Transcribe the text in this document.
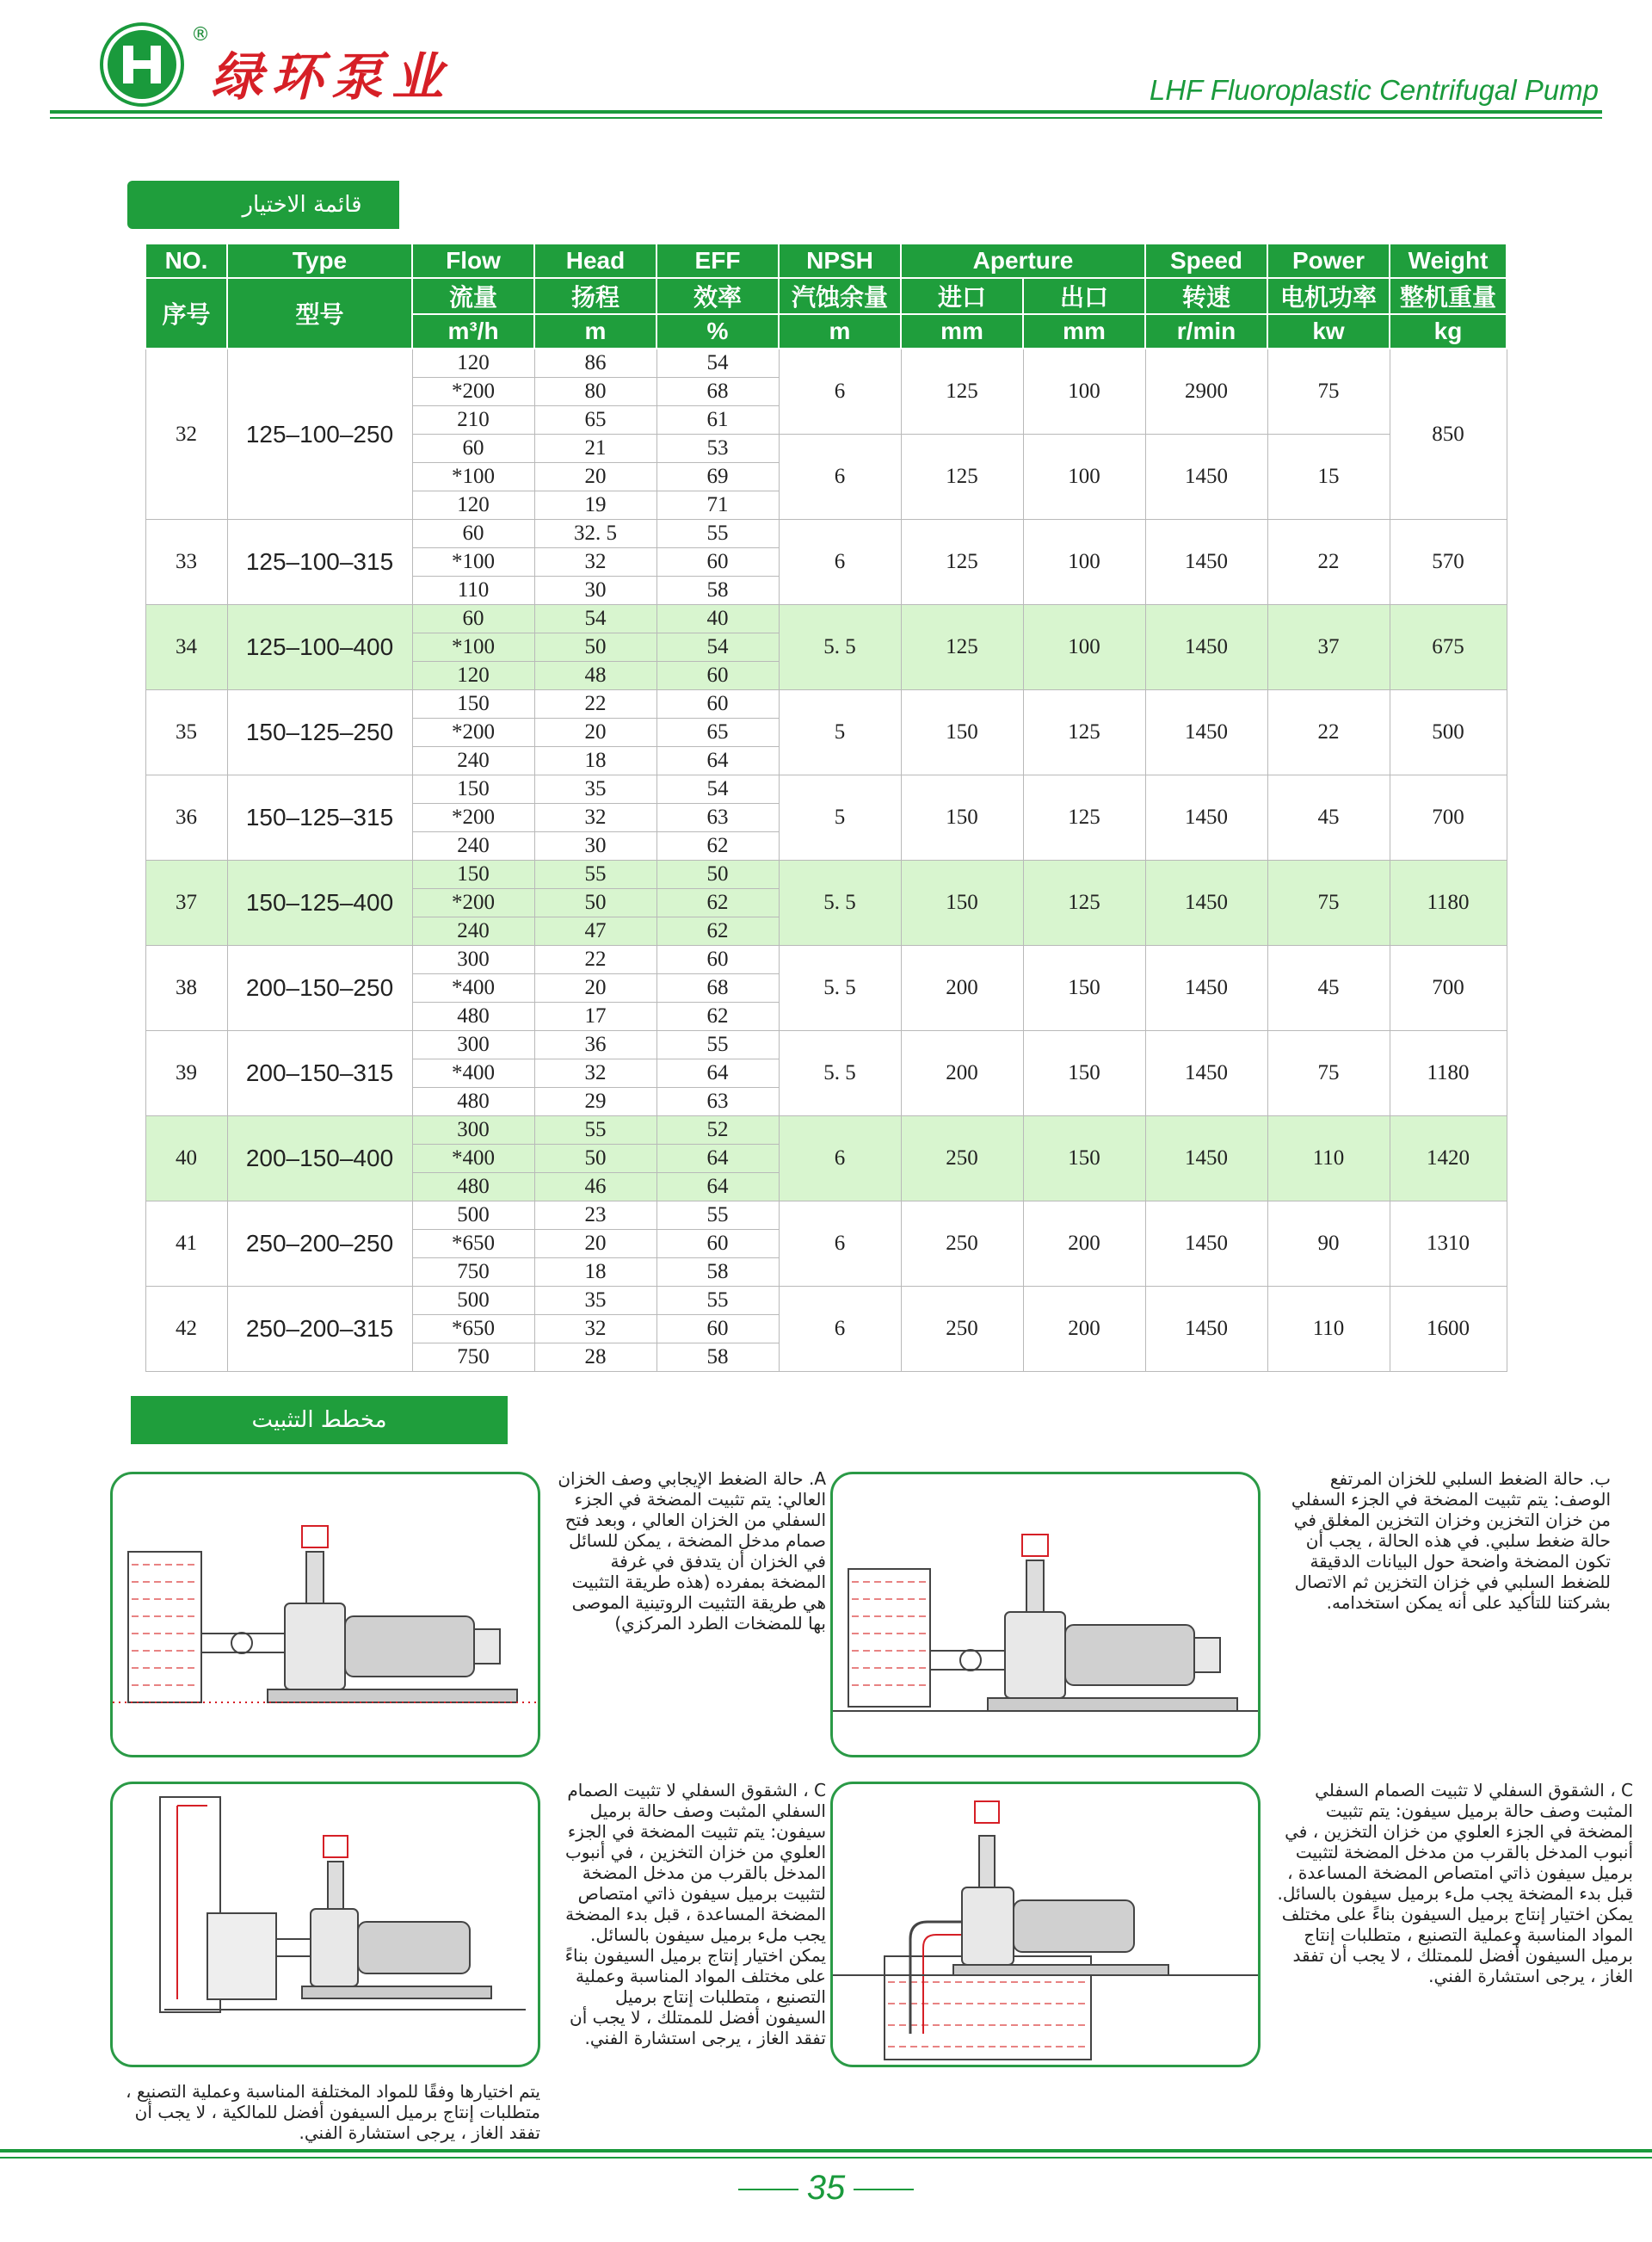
®
绿环泵业	LHF Fluoroplastic Centrifugal Pump
قائمة الاختيار
NO.	Type	Flow	Head	EFF	NPSH	Aperture		Speed	Power	Weight
序号	型号	流量	扬程	效率	汽蚀余量	进口	出口	转速	电机功率	整机重量
		m³/h	m	%	m	mm	mm	r/min	kw	kg
32	125–100–250	120	86	54	6	125	100	2900	75	850
		*200	80	68						
		210	65	61						
		60	21	53	6	125	100	1450	15	
		*100	20	69						
		120	19	71						
33	125–100–315	60	32. 5	55	6	125	100	1450	22	570
		*100	32	60						
		110	30	58						
34	125–100–400	60	54	40	5. 5	125	100	1450	37	675
		*100	50	54						
		120	48	60						
35	150–125–250	150	22	60	5	150	125	1450	22	500
		*200	20	65						
		240	18	64						
36	150–125–315	150	35	54	5	150	125	1450	45	700
		*200	32	63						
		240	30	62						
37	150–125–400	150	55	50	5. 5	150	125	1450	75	1180
		*200	50	62						
		240	47	62						
38	200–150–250	300	22	60	5. 5	200	150	1450	45	700
		*400	20	68						
		480	17	62						
39	200–150–315	300	36	55	5. 5	200	150	1450	75	1180
		*400	32	64						
		480	29	63						
40	200–150–400	300	55	52	6	250	150	1450	110	1420
		*400	50	64						
		480	46	64						
41	250–200–250	500	23	55	6	250	200	1450	90	1310
		*650	20	60						
		750	18	58						
42	250–200–315	500	35	55	6	250	200	1450	110	1600
		*650	32	60						
		750	28	58						
مخطط التثبيت
A. حالة الضغط الإيجابي وصف الخزان العالي: يتم تثبيت المضخة في الجزء السفلي من الخزان العالي ، وبعد فتح صمام مدخل المضخة ، يمكن للسائل في الخزان أن يتدفق في غرفة المضخة بمفرده (هذه طريقة التثبيت هي طريقة التثبيت الروتينية الموصى بها للمضخات الطرد المركزي)
ب. حالة الضغط السلبي للخزان المرتفع الوصف: يتم تثبيت المضخة في الجزء السفلي من خزان التخزين وخزان التخزين المغلق في حالة ضغط سلبي. في هذه الحالة ، يجب أن تكون المضخة واضحة حول البيانات الدقيقة للضغط السلبي في خزان التخزين ثم الاتصال بشركتنا للتأكيد على أنه يمكن استخدامه.
C ، الشقوق السفلي لا تثبيت الصمام السفلي المثبت وصف حالة برميل سيفون: يتم تثبيت المضخة في الجزء العلوي من خزان التخزين ، في أنبوب المدخل بالقرب من مدخل المضخة لتثبيت برميل سيفون ذاتي امتصاص المضخة المساعدة ، قبل بدء المضخة يجب ملء برميل سيفون بالسائل. يمكن اختيار إنتاج برميل السيفون بناءً على مختلف المواد المناسبة وعملية التصنيع ، متطلبات إنتاج برميل السيفون أفضل للممتلك ، لا يجب أن تفقد الغاز ، يرجى استشارة الفني.
C ، الشقوق السفلي لا تثبيت الصمام السفلي المثبت وصف حالة برميل سيفون: يتم تثبيت المضخة في الجزء العلوي من خزان التخزين ، في أنبوب المدخل بالقرب من مدخل المضخة لتثبيت برميل سيفون ذاتي امتصاص المضخة المساعدة ، قبل بدء المضخة يجب ملء برميل سيفون بالسائل. يمكن اختيار إنتاج برميل السيفون بناءً على مختلف المواد المناسبة وعملية التصنيع ، متطلبات إنتاج برميل السيفون أفضل للممتلك ، لا يجب أن تفقد الغاز ، يرجى استشارة الفني.
يتم اختيارها وفقًا للمواد المختلفة المناسبة وعملية التصنيع ، متطلبات إنتاج برميل السيفون أفضل للمالكية ، لا يجب أن تفقد الغاز ، يرجى استشارة الفني.
35
